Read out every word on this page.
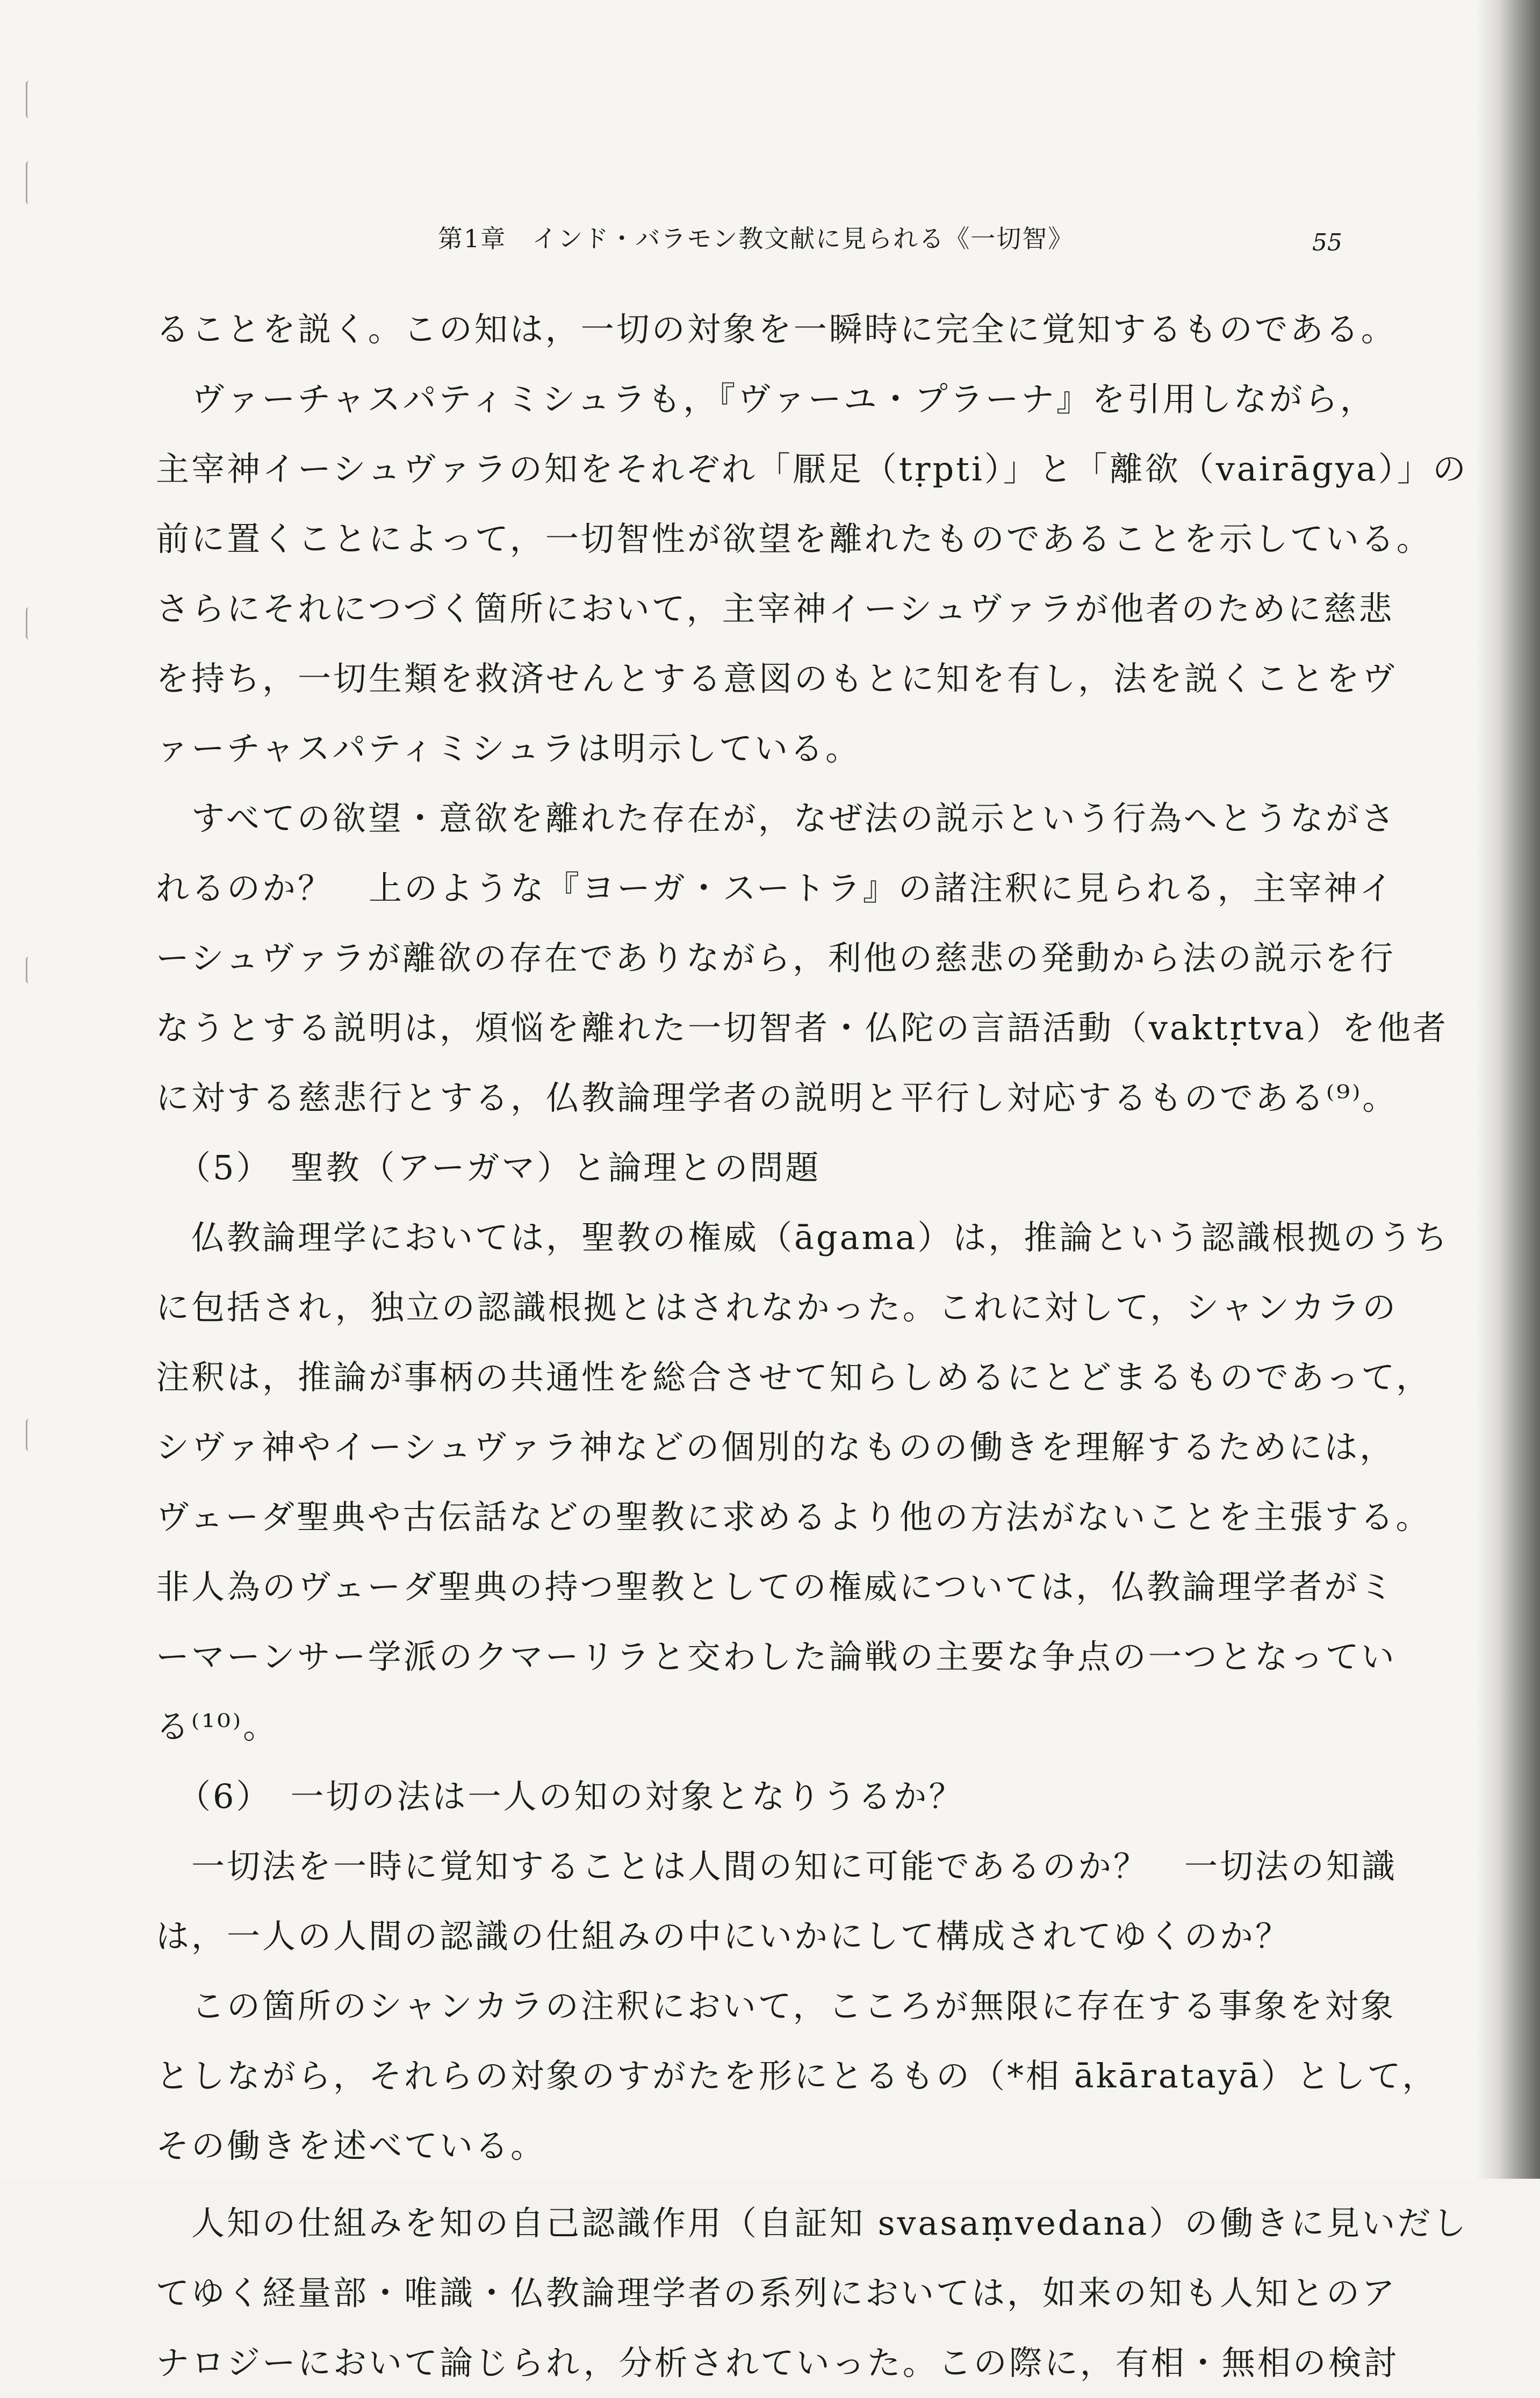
第1章　インド・バラモン教文献に見られる《一切智》	55
ることを説く。この知は，一切の対象を一瞬時に完全に覚知するものである。
　ヴァーチャスパティミシュラも，『ヴァーユ・プラーナ』を引用しながら，
主宰神イーシュヴァラの知をそれぞれ「厭足（tṛpti）」と「離欲（vairāgya）」の
前に置くことによって，一切智性が欲望を離れたものであることを示している。
さらにそれにつづく箇所において，主宰神イーシュヴァラが他者のために慈悲
を持ち，一切生類を救済せんとする意図のもとに知を有し，法を説くことをヴ
ァーチャスパティミシュラは明示している。
　すべての欲望・意欲を離れた存在が，なぜ法の説示という行為へとうながさ
れるのか？　上のような『ヨーガ・スートラ』の諸注釈に見られる，主宰神イ
ーシュヴァラが離欲の存在でありながら，利他の慈悲の発動から法の説示を行
なうとする説明は，煩悩を離れた一切智者・仏陀の言語活動（vaktṛtva）を他者
に対する慈悲行とする，仏教論理学者の説明と平行し対応するものである⁽⁹⁾。
（5）　聖教（アーガマ）と論理との問題
　仏教論理学においては，聖教の権威（āgama）は，推論という認識根拠のうち
に包括され，独立の認識根拠とはされなかった。これに対して，シャンカラの
注釈は，推論が事柄の共通性を総合させて知らしめるにとどまるものであって，
シヴァ神やイーシュヴァラ神などの個別的なものの働きを理解するためには，
ヴェーダ聖典や古伝話などの聖教に求めるより他の方法がないことを主張する。
非人為のヴェーダ聖典の持つ聖教としての権威については，仏教論理学者がミ
ーマーンサー学派のクマーリラと交わした論戦の主要な争点の一つとなってい
る⁽¹⁰⁾。
（6）　一切の法は一人の知の対象となりうるか？
　一切法を一時に覚知することは人間の知に可能であるのか？　一切法の知識
は，一人の人間の認識の仕組みの中にいかにして構成されてゆくのか？
　この箇所のシャンカラの注釈において，こころが無限に存在する事象を対象
としながら，それらの対象のすがたを形にとるもの（*相 ākāratayā）として，
その働きを述べている。
　人知の仕組みを知の自己認識作用（自証知 svasaṃvedana）の働きに見いだし
てゆく経量部・唯識・仏教論理学者の系列においては，如来の知も人知とのア
ナロジーにおいて論じられ，分析されていった。この際に，有相・無相の検討
